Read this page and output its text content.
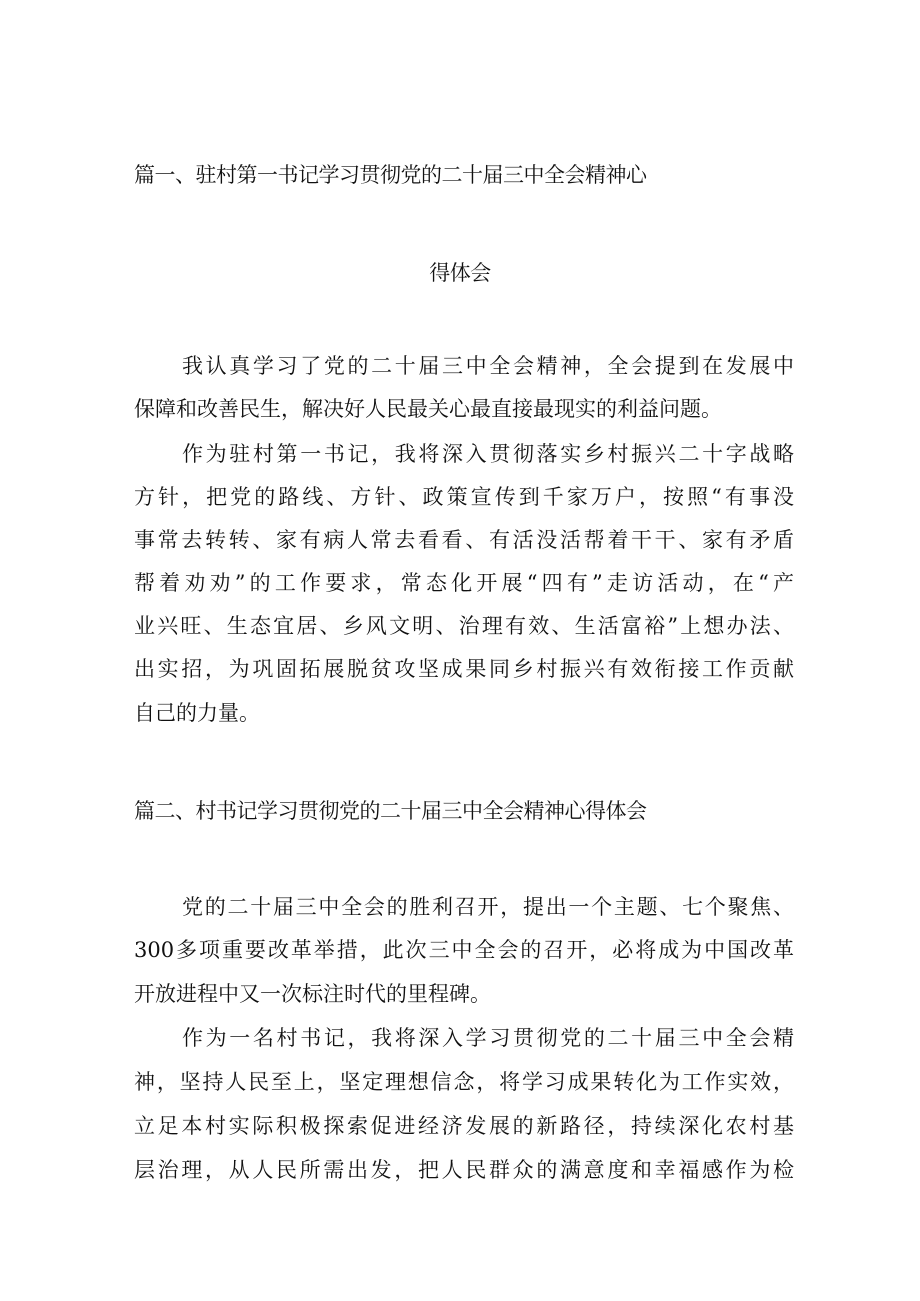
篇一、驻村第一书记学习贯彻党的二十届三中全会精神心
得体会
我认真学习了党的二十届三中全会精神，全会提到在发展中
保障和改善民生，解决好人民最关心最直接最现实的利益问题。
作为驻村第一书记，我将深入贯彻落实乡村振兴二十字战略
方针，把党的路线、方针、政策宣传到千家万户，按照“有事没
事常去转转、家有病人常去看看、有活没活帮着干干、家有矛盾
帮着劝劝”的工作要求，常态化开展“四有”走访活动，在“产
业兴旺、生态宜居、乡风文明、治理有效、生活富裕”上想办法、
出实招，为巩固拓展脱贫攻坚成果同乡村振兴有效衔接工作贡献
自己的力量。
篇二、村书记学习贯彻党的二十届三中全会精神心得体会
党的二十届三中全会的胜利召开，提出一个主题、七个聚焦、
300多项重要改革举措，此次三中全会的召开，必将成为中国改革
开放进程中又一次标注时代的里程碑。
作为一名村书记，我将深入学习贯彻党的二十届三中全会精
神，坚持人民至上，坚定理想信念，将学习成果转化为工作实效，
立足本村实际积极探索促进经济发展的新路径，持续深化农村基
层治理，从人民所需出发，把人民群众的满意度和幸福感作为检
